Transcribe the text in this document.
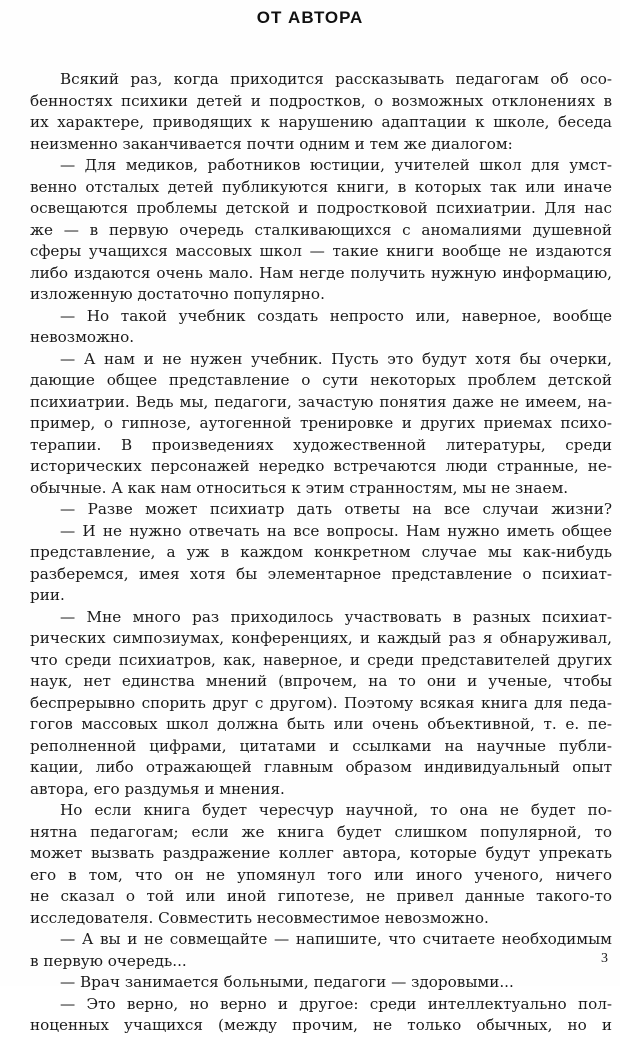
ОТ АВТОРА
Всякий раз, когда приходится рассказывать педагогам об осо-
бенностях психики детей и подростков, о возможных отклонениях в
их характере, приводящих к нарушению адаптации к школе, беседа
неизменно заканчивается почти одним и тем же диалогом:
— Для медиков, работников юстиции, учителей школ для умст-
венно отсталых детей публикуются книги, в которых так или иначе
освещаются проблемы детской и подростковой психиатрии. Для нас
же — в первую очередь сталкивающихся с аномалиями душевной
сферы учащихся массовых школ — такие книги вообще не издаются
либо издаются очень мало. Нам негде получить нужную информацию,
изложенную достаточно популярно.
— Но такой учебник создать непросто или, наверное, вообще
невозможно.
— А нам и не нужен учебник. Пусть это будут хотя бы очерки,
дающие общее представление о сути некоторых проблем детской
психиатрии. Ведь мы, педагоги, зачастую понятия даже не имеем, на-
пример, о гипнозе, аутогенной тренировке и других приемах психо-
терапии. В произведениях художественной литературы, среди
исторических персонажей нередко встречаются люди странные, не-
обычные. А как нам относиться к этим странностям, мы не знаем.
— Разве может психиатр дать ответы на все случаи жизни?
— И не нужно отвечать на все вопросы. Нам нужно иметь общее
представление, а уж в каждом конкретном случае мы как-нибудь
разберемся, имея хотя бы элементарное представление о психиат-
рии.
— Мне много раз приходилось участвовать в разных психиат-
рических симпозиумах, конференциях, и каждый раз я обнаруживал,
что среди психиатров, как, наверное, и среди представителей других
наук, нет единства мнений (впрочем, на то они и ученые, чтобы
беспрерывно спорить друг с другом). Поэтому всякая книга для педа-
гогов массовых школ должна быть или очень объективной, т. е. пе-
реполненной цифрами, цитатами и ссылками на научные публи-
кации, либо отражающей главным образом индивидуальный опыт
автора, его раздумья и мнения.
Но если книга будет чересчур научной, то она не будет по-
нятна педагогам; если же книга будет слишком популярной, то
может вызвать раздражение коллег автора, которые будут упрекать
его в том, что он не упомянул того или иного ученого, ничего
не сказал о той или иной гипотезе, не привел данные такого-то
исследователя. Совместить несовместимое невозможно.
— А вы и не совмещайте — напишите, что считаете необходимым
в первую очередь...
— Врач занимается больными, педагоги — здоровыми...
— Это верно, но верно и другое: среди интеллектуально пол-
ноценных учащихся (между прочим, не только обычных, но и
3
